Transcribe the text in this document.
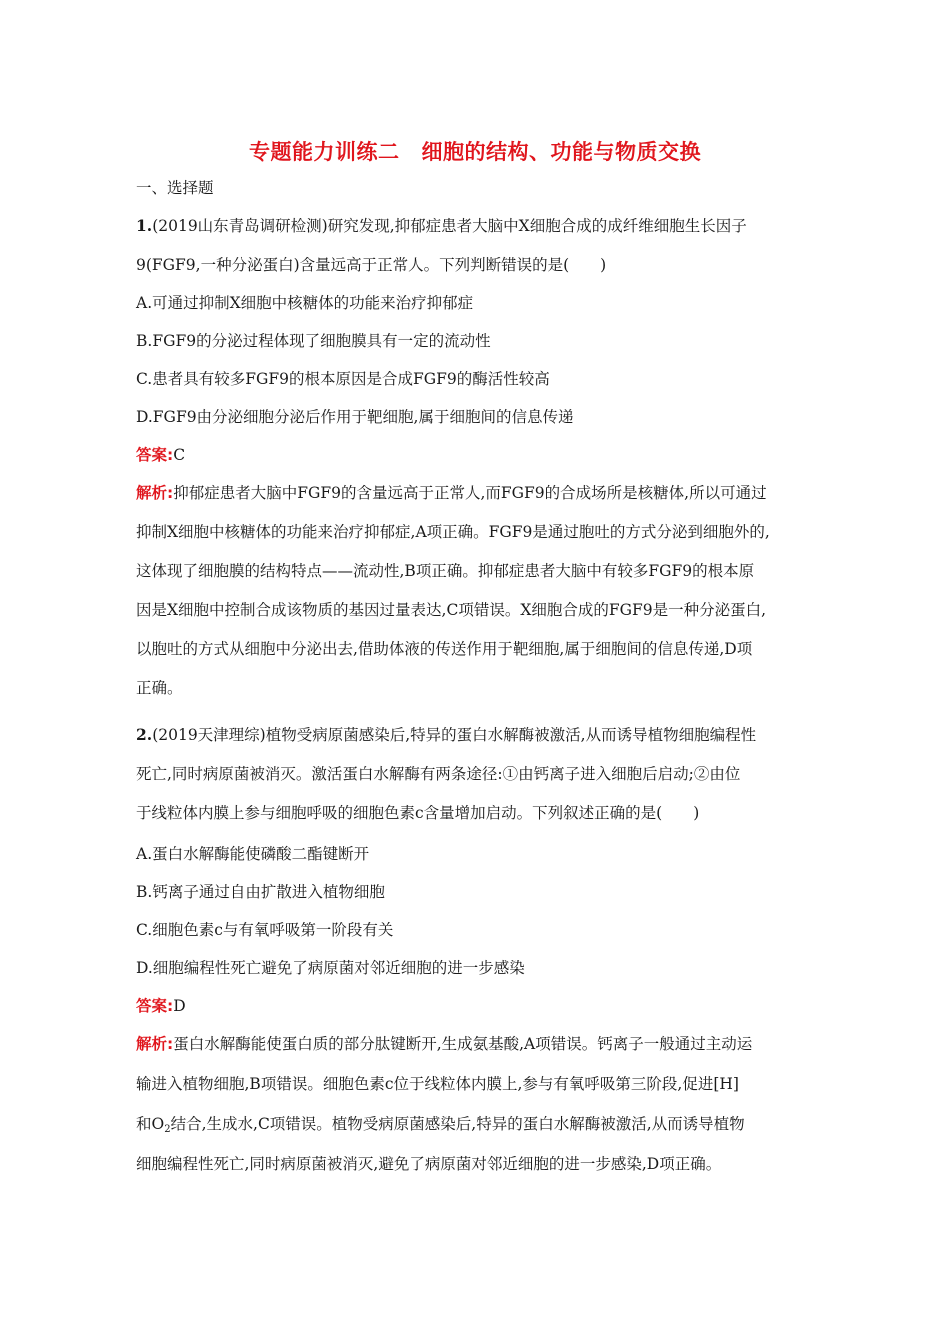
专题能力训练二 细胞的结构、功能与物质交换
一、选择题
1.(2019山东青岛调研检测)研究发现,抑郁症患者大脑中X细胞合成的成纤维细胞生长因子
9(FGF9,一种分泌蛋白)含量远高于正常人。下列判断错误的是(　　)
A.可通过抑制X细胞中核糖体的功能来治疗抑郁症
B.FGF9的分泌过程体现了细胞膜具有一定的流动性
C.患者具有较多FGF9的根本原因是合成FGF9的酶活性较高
D.FGF9由分泌细胞分泌后作用于靶细胞,属于细胞间的信息传递
答案:C
解析:抑郁症患者大脑中FGF9的含量远高于正常人,而FGF9的合成场所是核糖体,所以可通过
抑制X细胞中核糖体的功能来治疗抑郁症,A项正确。FGF9是通过胞吐的方式分泌到细胞外的,
这体现了细胞膜的结构特点——流动性,B项正确。抑郁症患者大脑中有较多FGF9的根本原
因是X细胞中控制合成该物质的基因过量表达,C项错误。X细胞合成的FGF9是一种分泌蛋白,
以胞吐的方式从细胞中分泌出去,借助体液的传送作用于靶细胞,属于细胞间的信息传递,D项
正确。
2.(2019天津理综)植物受病原菌感染后,特异的蛋白水解酶被激活,从而诱导植物细胞编程性
死亡,同时病原菌被消灭。激活蛋白水解酶有两条途径:①由钙离子进入细胞后启动;②由位
于线粒体内膜上参与细胞呼吸的细胞色素c含量增加启动。下列叙述正确的是(　　)
A.蛋白水解酶能使磷酸二酯键断开
B.钙离子通过自由扩散进入植物细胞
C.细胞色素c与有氧呼吸第一阶段有关
D.细胞编程性死亡避免了病原菌对邻近细胞的进一步感染
答案:D
解析:蛋白水解酶能使蛋白质的部分肽键断开,生成氨基酸,A项错误。钙离子一般通过主动运
输进入植物细胞,B项错误。细胞色素c位于线粒体内膜上,参与有氧呼吸第三阶段,促进[H]
和$O_2$结合,生成水,C项错误。植物受病原菌感染后,特异的蛋白水解酶被激活,从而诱导植物
细胞编程性死亡,同时病原菌被消灭,避免了病原菌对邻近细胞的进一步感染,D项正确。
